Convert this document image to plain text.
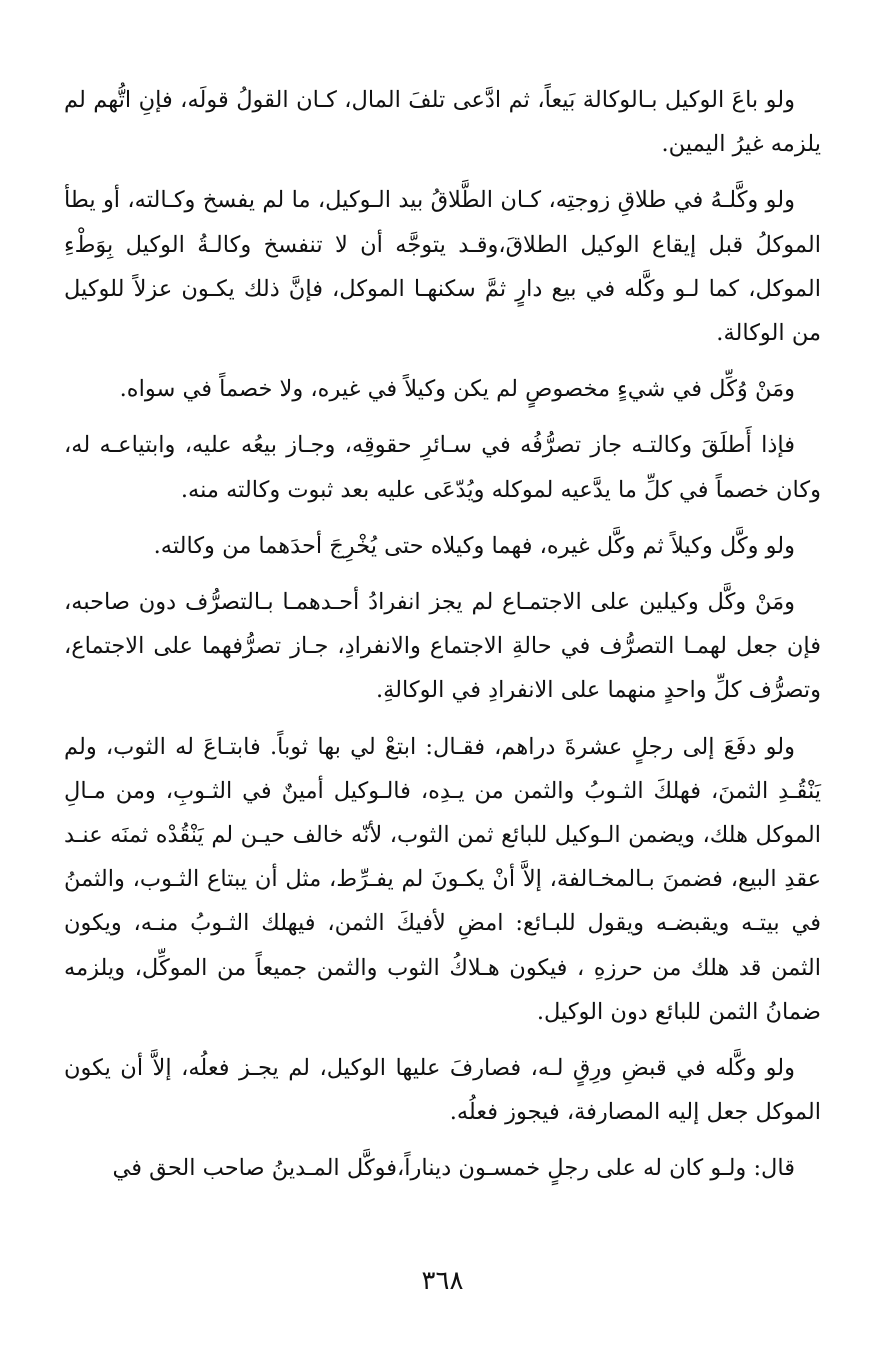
ولو باعَ الوكيل بـالوكالة بَيعاً، ثم ادَّعى تلفَ المال، كـان القولُ قولَه، فإنِ اتُّهم لم يلزمه غيرُ اليمين.

ولو وكَّلـهُ في طلاقِ زوجتِه، كـان الطَّلاقُ بيد الـوكيل، ما لم يفسخ وكـالته، أو يطأ الموكلُ قبل إيقاع الوكيل الطلاقَ،وقـد يتوجَّه أن لا تنفسخ وكالـةُ الوكيل بِوَطْءِ الموكل، كما لـو وكَّله في بيع دارٍ ثمَّ سكنهـا الموكل، فإنَّ ذلك يكـون عزلاً للوكيل من الوكالة.

ومَنْ وُكِّل في شيءٍ مخصوصٍ لم يكن وكيلاً في غيره، ولا خصماً في سواه.

فإذا أَطلَقَ وكالتـه جاز تصرُّفُه في سـائرِ حقوقِه، وجـاز بيعُه عليه، وابتياعـه له، وكان خصماً في كلِّ ما يدَّعيه لموكله ويُدّعَى عليه بعد ثبوت وكالته منه.

ولو وكَّل وكيلاً ثم وكَّل غيره، فهما وكيلاه حتى يُخْرِجَ أحدَهما من وكالته.

ومَنْ وكَّل وكيلين على الاجتمـاع لم يجز انفرادُ أحـدهمـا بـالتصرُّف دون صاحبه، فإن جعل لهمـا التصرُّف في حالةِ الاجتماع والانفرادِ، جـاز تصرُّفهما على الاجتماع، وتصرُّف كلِّ واحدٍ منهما على الانفرادِ في الوكالةِ.

ولو دفَعَ إلى رجلٍ عشرةَ دراهم، فقـال: ابتعْ لي بها ثوباً. فابتـاعَ له الثوب، ولم يَنْقُـدِ الثمنَ، فهلكَ الثـوبُ والثمن من يـدِه، فالـوكيل أمينٌ في الثـوبِ، ومن مـالِ الموكل هلك، ويضمن الـوكيل للبائع ثمن الثوب، لأنّه خالف حيـن لم يَنْقُدْه ثمنَه عنـد عقدِ البيع، فضمنَ بـالمخـالفة، إلاَّ أنْ يكـونَ لم يفـرِّط، مثل أن يبتاع الثـوب، والثمنُ في بيتـه ويقبضـه ويقول للبـائع: امضِ لأفيكَ الثمن، فيهلك الثـوبُ منـه، ويكون الثمن قد هلك من حرزهِ ، فيكون هـلاكُ الثوب والثمن جميعاً من الموكِّل، ويلزمه ضمانُ الثمن للبائع دون الوكيل.

ولو وكَّله في قبضِ ورِقٍ لـه، فصارفَ عليها الوكيل، لم يجـز فعلُه، إلاَّ أن يكون الموكل جعل إليه المصارفة، فيجوز فعلُه.

قال: ولـو كان له على رجلٍ خمسـون ديناراً،فوكَّل المـدينُ صاحب الحق في

٣٦٨
